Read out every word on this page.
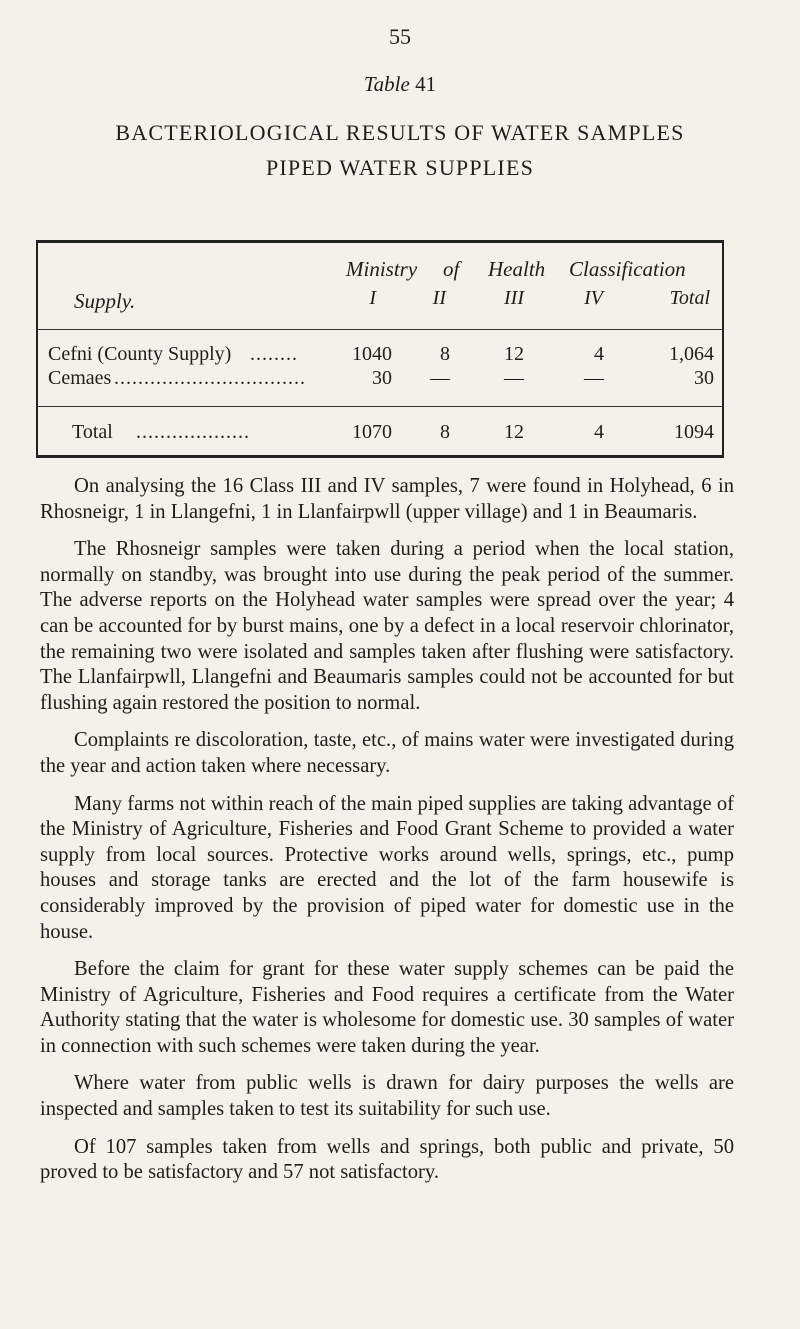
55
Table 41
BACTERIOLOGICAL RESULTS OF WATER SAMPLES
PIPED WATER SUPPLIES
Ministry of Health Classification
Supply.	I	II	III	IV	Total
Cefni (County Supply) ........	1040	8	12	4	1,064
Cemaes ................................	30	—	—	—	30
Total ...................	1070	8	12	4	1094

On analysing the 16 Class III and IV samples, 7 were found in Holyhead, 6 in Rhosneigr, 1 in Llangefni, 1 in Llanfairpwll (upper village) and 1 in Beaumaris.

The Rhosneigr samples were taken during a period when the local station, normally on standby, was brought into use during the peak period of the summer. The adverse reports on the Holyhead water samples were spread over the year; 4 can be accounted for by burst mains, one by a defect in a local reservoir chlorinator, the remaining two were isolated and samples taken after flushing were satisfactory. The Llanfairpwll, Llangefni and Beaumaris samples could not be accounted for but flushing again restored the position to normal.

Complaints re discoloration, taste, etc., of mains water were investigated during the year and action taken where necessary.

Many farms not within reach of the main piped supplies are taking advantage of the Ministry of Agriculture, Fisheries and Food Grant Scheme to provided a water supply from local sources. Protective works around wells, springs, etc., pump houses and storage tanks are erected and the lot of the farm housewife is considerably improved by the provision of piped water for domestic use in the house.

Before the claim for grant for these water supply schemes can be paid the Ministry of Agriculture, Fisheries and Food requires a certificate from the Water Authority stating that the water is wholesome for domestic use. 30 samples of water in connection with such schemes were taken during the year.

Where water from public wells is drawn for dairy purposes the wells are inspected and samples taken to test its suitability for such use.

Of 107 samples taken from wells and springs, both public and private, 50 proved to be satisfactory and 57 not satisfactory.
